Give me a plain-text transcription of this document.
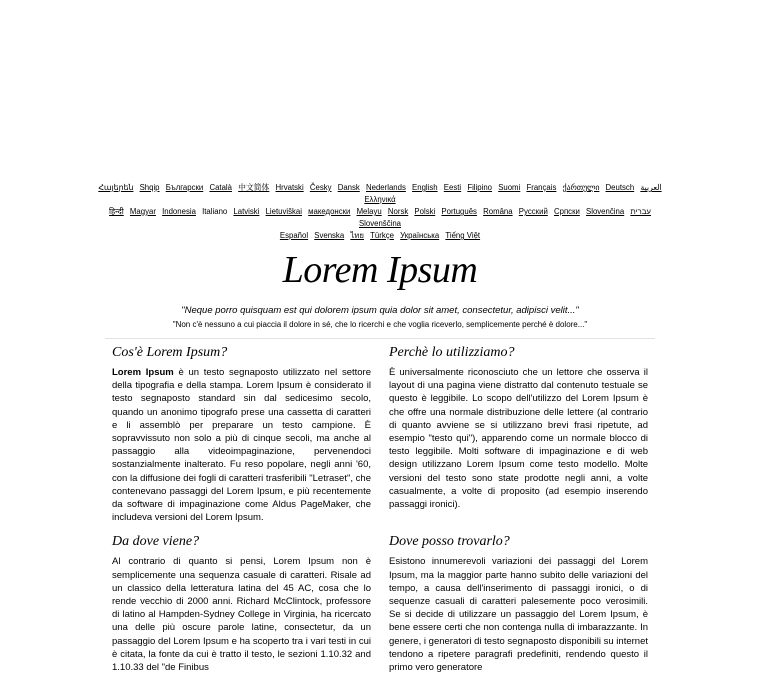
Հայերեն Shqip	‫العربية Български Català 中文简体 Hrvatski Česky Dansk Nederlands English Eesti Filipino Suomi Français ქართული Deutsch Ελληνικά
‫עברית हिन्दी Magyar Indonesia Italiano Latviski Lietuviškai македонски Melayu Norsk Polski Português Româna Pyccкий Српски Slovenčina Slovenščina
Español Svenska ไทย Türkçe Українська Tiếng Việt
Lorem Ipsum
"Neque porro quisquam est qui dolorem ipsum quia dolor sit amet, consectetur, adipisci velit..."
"Non c'è nessuno a cui piaccia il dolore in sé, che lo ricerchi e che voglia riceverlo, semplicemente perché è dolore..."
Cos'è Lorem Ipsum?

Lorem Ipsum è un testo segnaposto utilizzato nel settore della tipografia e della stampa. Lorem Ipsum è considerato il testo segnaposto standard sin dal sedicesimo secolo, quando un anonimo tipografo prese una cassetta di caratteri e li assemblò per preparare un testo campione. È sopravvissuto non solo a più di cinque secoli, ma anche al passaggio alla videoimpaginazione, pervenendoci sostanzialmente inalterato. Fu reso popolare, negli anni '60, con la diffusione dei fogli di caratteri trasferibili "Letraset", che contenevano passaggi del Lorem Ipsum, e più recentemente da software di impaginazione come Aldus PageMaker, che includeva versioni del Lorem Ipsum.

Perchè lo utilizziamo?

È universalmente riconosciuto che un lettore che osserva il layout di una pagina viene distratto dal contenuto testuale se questo è leggibile. Lo scopo dell'utilizzo del Lorem Ipsum è che offre una normale distribuzione delle lettere (al contrario di quanto avviene se si utilizzano brevi frasi ripetute, ad esempio "testo qui"), apparendo come un normale blocco di testo leggibile. Molti software di impaginazione e di web design utilizzano Lorem Ipsum come testo modello. Molte versioni del testo sono state prodotte negli anni, a volte casualmente, a volte di proposito (ad esempio inserendo passaggi ironici).

Da dove viene?

Al contrario di quanto si pensi, Lorem Ipsum non è semplicemente una sequenza casuale di caratteri. Risale ad un classico della letteratura latina del 45 AC, cosa che lo rende vecchio di 2000 anni. Richard McClintock, professore di latino al Hampden-Sydney College in Virginia, ha ricercato una delle più oscure parole latine, consectetur, da un passaggio del Lorem Ipsum e ha scoperto tra i vari testi in cui è citata, la fonte da cui è tratto il testo, le sezioni 1.10.32 and 1.10.33 del "de Finibus

Dove posso trovarlo?

Esistono innumerevoli variazioni dei passaggi del Lorem Ipsum, ma la maggior parte hanno subito delle variazioni del tempo, a causa dell'inserimento di passaggi ironici, o di sequenze casuali di caratteri palesemente poco verosimili. Se si decide di utilizzare un passaggio del Lorem Ipsum, è bene essere certi che non contenga nulla di imbarazzante. In genere, i generatori di testo segnaposto disponibili su internet tendono a ripetere paragrafi predefiniti, rendendo questo il primo vero generatore
